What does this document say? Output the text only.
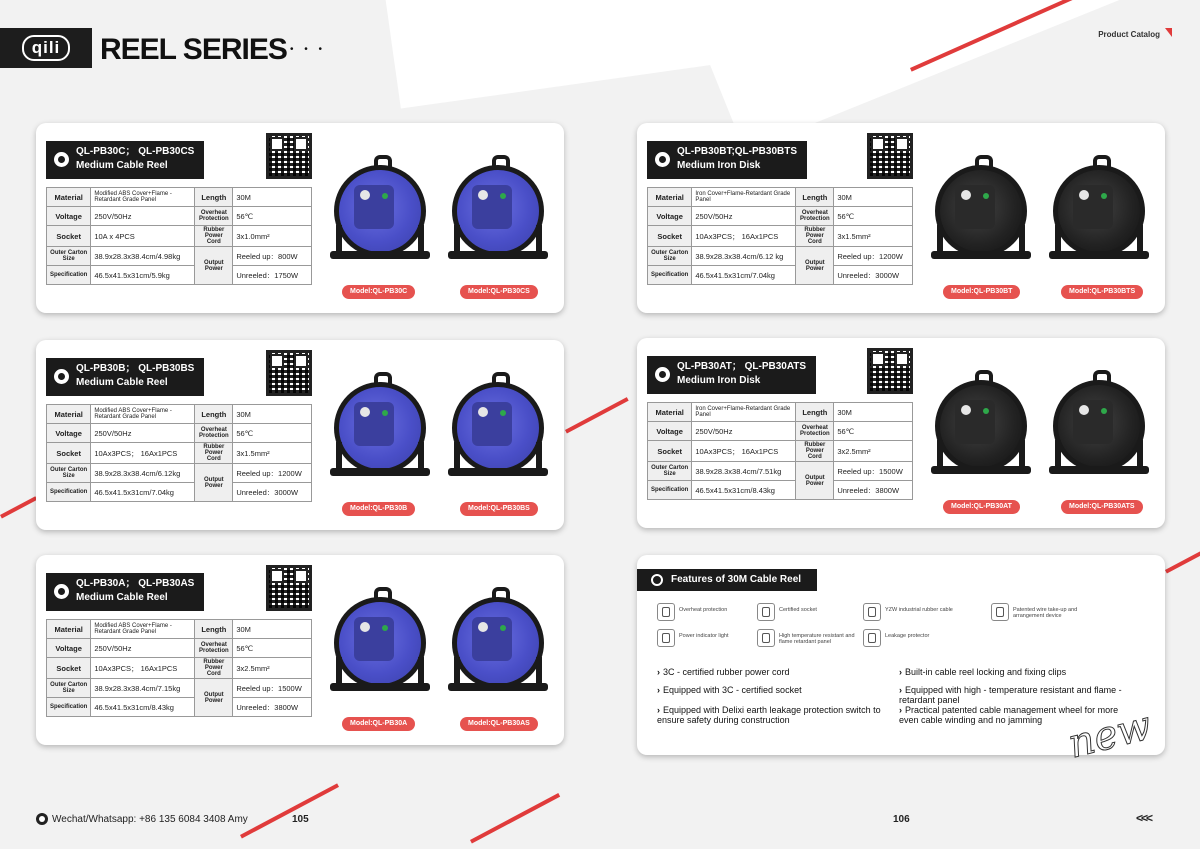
qili	REEL SERIES • • •
Product Catalog
QL-PB30C； QL-PB30CS
Medium Cable Reel
Material	Modified ABS Cover+Flame -Retardant Grade Panel	Length	30M
Voltage	250V/50Hz	Overheat Protection	56℃
Socket	10A x 4PCS	Rubber Power Cord	3x1.0mm²
Outer Carton Size	38.9x28.3x38.4cm/4.98kg	Output Power	Reeled up：800W
Specification	46.5x41.5x31cm/5.9kg		Unreeled：1750W
Model:QL-PB30C	Model:QL-PB30CS
QL-PB30B； QL-PB30BS
Medium Cable Reel
Material	Modified ABS Cover+Flame -Retardant Grade Panel	Length	30M
Voltage	250V/50Hz	Overheat Protection	56℃
Socket	10Ax3PCS； 16Ax1PCS	Rubber Power Cord	3x1.5mm²
Outer Carton Size	38.9x28.3x38.4cm/6.12kg	Output Power	Reeled up：1200W
Specification	46.5x41.5x31cm/7.04kg		Unreeled：3000W
Model:QL-PB30B	Model:QL-PB30BS
QL-PB30A； QL-PB30AS
Medium Cable Reel
Material	Modified ABS Cover+Flame -Retardant Grade Panel	Length	30M
Voltage	250V/50Hz	Overheat Protection	56℃
Socket	10Ax3PCS； 16Ax1PCS	Rubber Power Cord	3x2.5mm²
Outer Carton Size	38.9x28.3x38.4cm/7.15kg	Output Power	Reeled up：1500W
Specification	46.5x41.5x31cm/8.43kg		Unreeled：3800W
Model:QL-PB30A	Model:QL-PB30AS
QL-PB30BT;QL-PB30BTS
Medium Iron Disk
Material	Iron Cover+Flame-Retardant Grade Panel	Length	30M
Voltage	250V/50Hz	Overheat Protection	56℃
Socket	10Ax3PCS； 16Ax1PCS	Rubber Power Cord	3x1.5mm²
Outer Carton Size	38.9x28.3x38.4cm/6.12 kg	Output Power	Reeled up：1200W
Specification	46.5x41.5x31cm/7.04kg		Unreeled：3000W
Model:QL-PB30BT	Model:QL-PB30BTS
QL-PB30AT； QL-PB30ATS
Medium Iron Disk
Material	Iron Cover+Flame-Retardant Grade Panel	Length	30M
Voltage	250V/50Hz	Overheat Protection	56℃
Socket	10Ax3PCS； 16Ax1PCS	Rubber Power Cord	3x2.5mm²
Outer Carton Size	38.9x28.3x38.4cm/7.51kg	Output Power	Reeled up：1500W
Specification	46.5x41.5x31cm/8.43kg		Unreeled：3800W
Model:QL-PB30AT	Model:QL-PB30ATS
Features of 30M Cable Reel
Overheat protection	Certified socket	YZW industrial rubber cable	Patented wire take-up and arrangement device
Power indicator light	High temperature resistant and flame retardant panel
Leakage protector
› 3C - certified rubber power cord
› Equipped with 3C - certified socket
› Equipped with Delixi earth leakage protection switch to ensure safety during construction
› Built-in cable reel locking and fixing clips
› Equipped with high - temperature resistant and flame - retardant panel
› Practical patented cable management wheel for more even cable winding and no jamming new
Wechat/Whatsapp: +86 135 6084 3408 Amy	105	106	<<<
